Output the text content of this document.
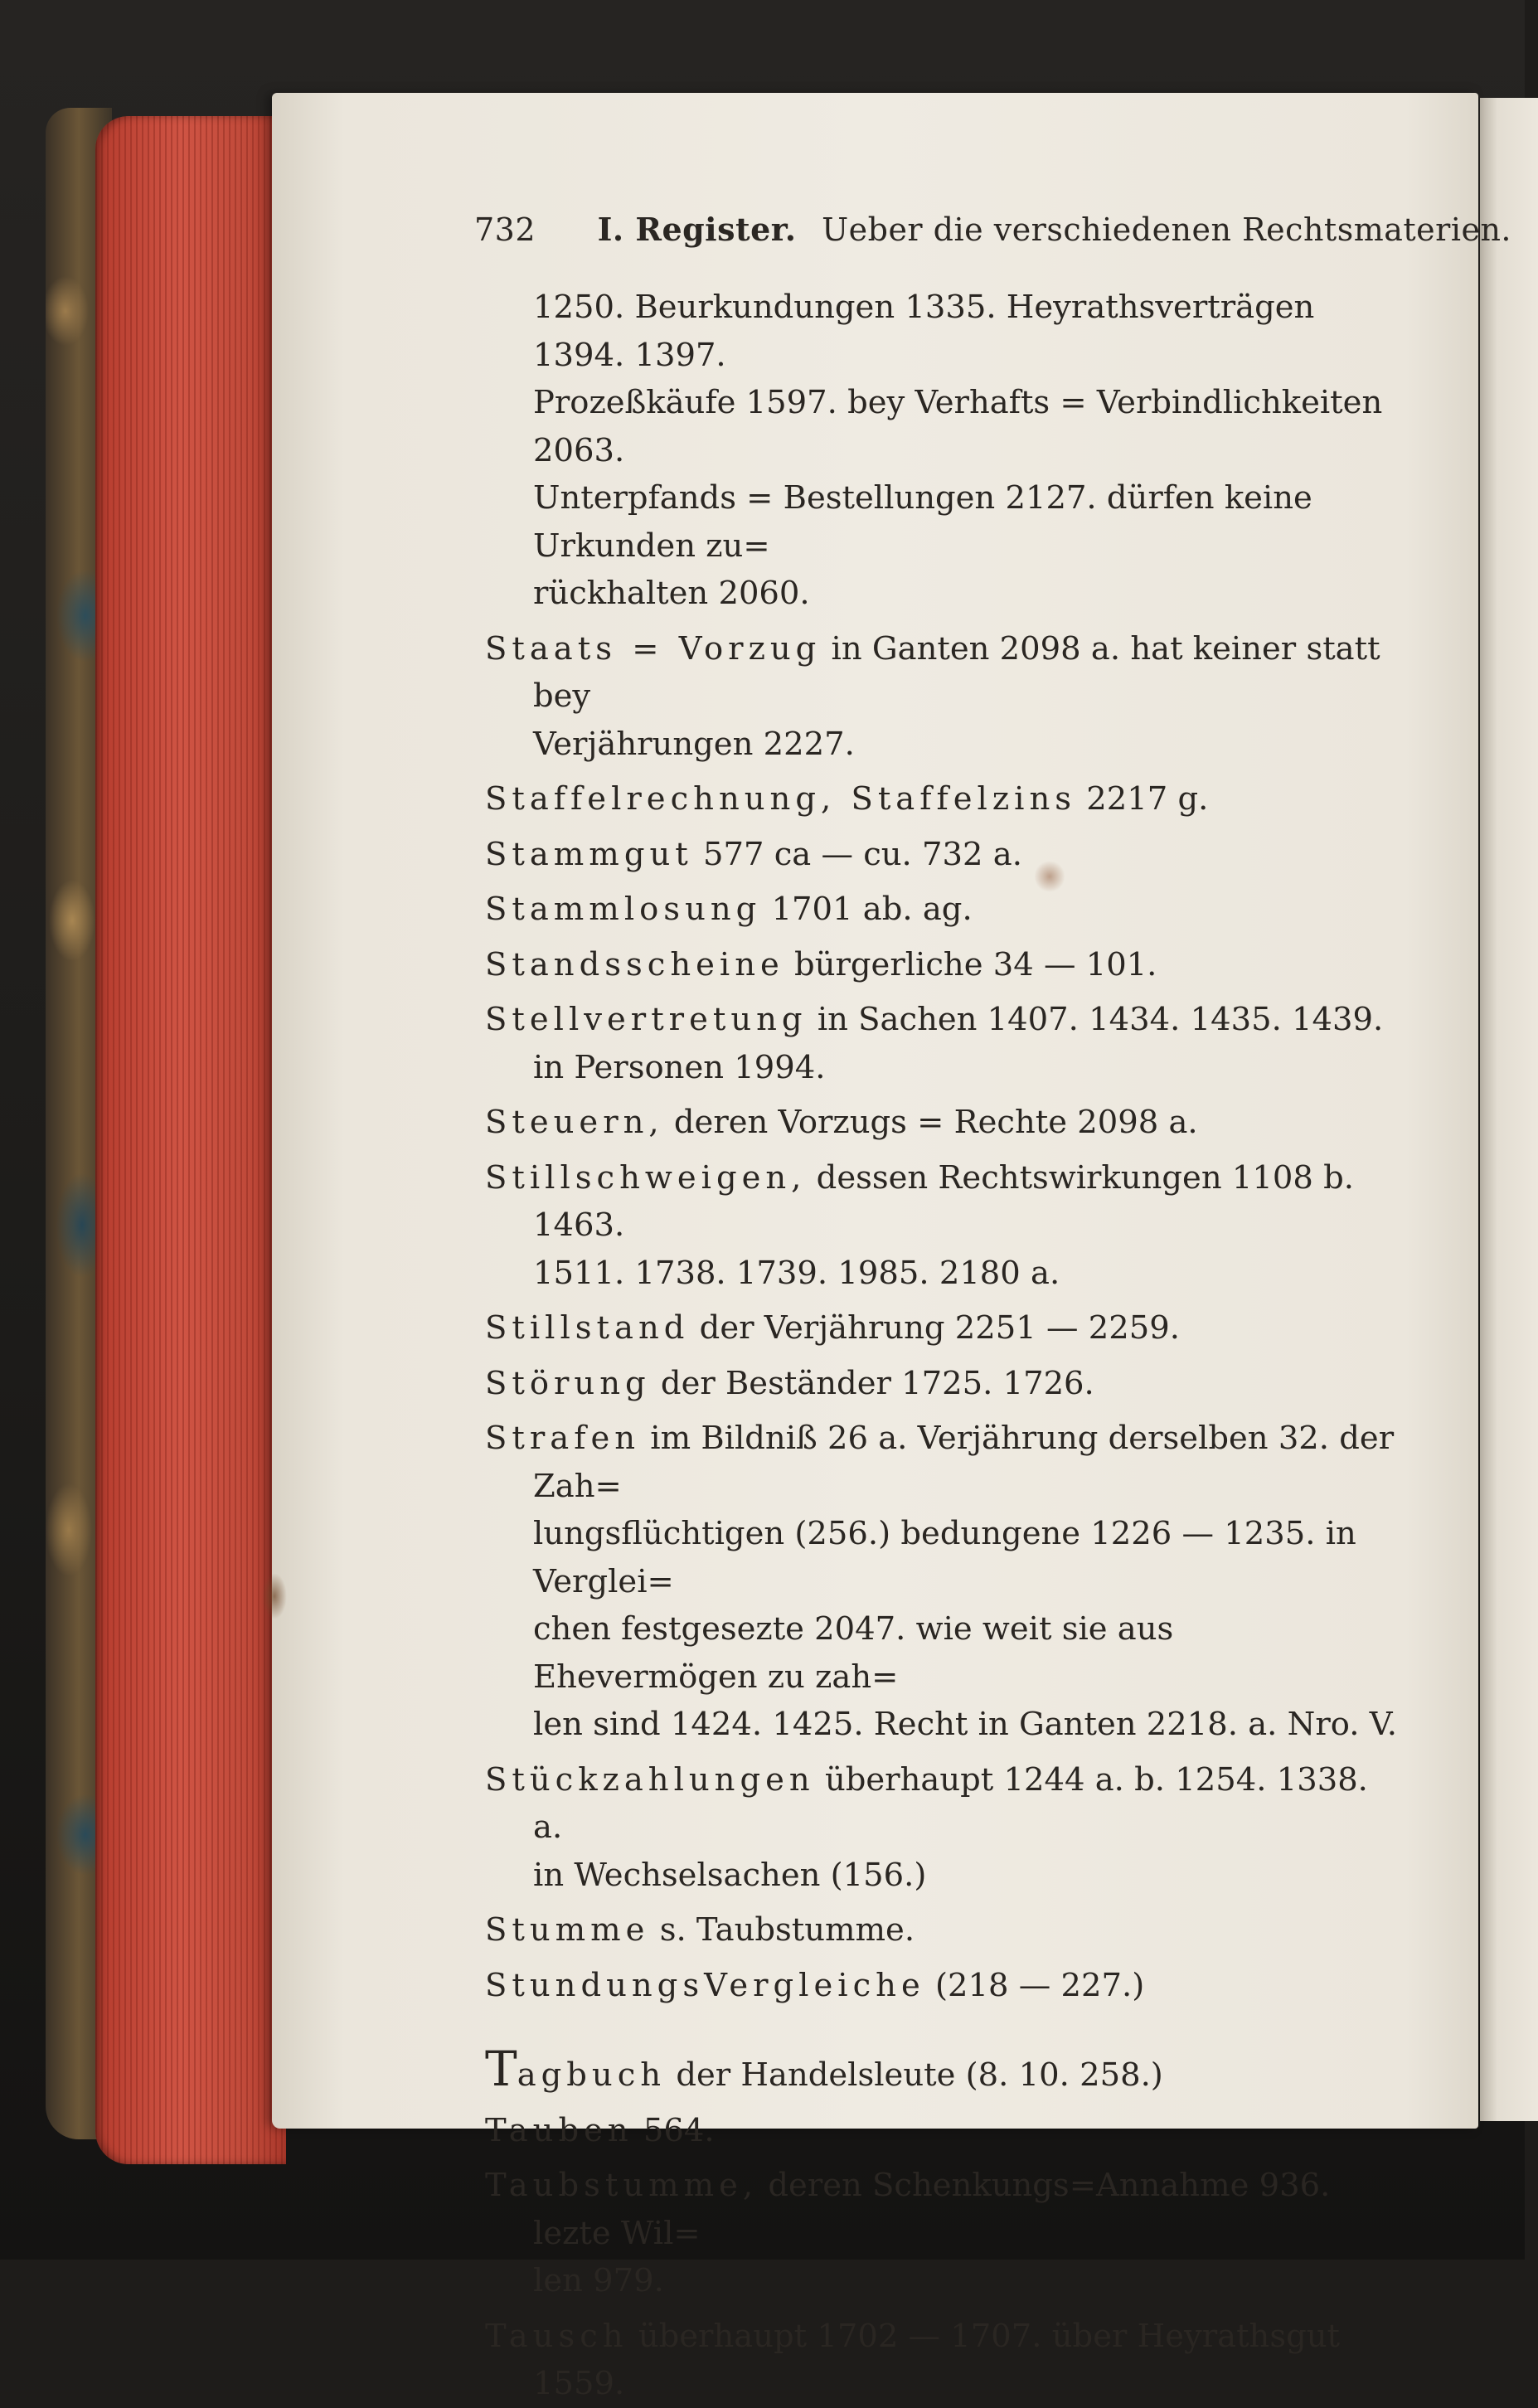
732 I. Register. Ueber die verschiedenen Rechtsmaterien.
1250. Beurkundungen 1335. Heyrathsverträgen 1394. 1397.
Prozeßkäufe 1597. bey Verhafts = Verbindlichkeiten 2063.
Unterpfands = Bestellungen 2127. dürfen keine Urkunden zu=
rückhalten 2060.
Staats = Vorzug in Ganten 2098 a. hat keiner statt bey
Verjährungen 2227.
Staffelrechnung, Staffelzins 2217 g.
Stammgut 577 ca — cu. 732 a.
Stammlosung 1701 ab. ag.
Standsscheine bürgerliche 34 — 101.
Stellvertretung in Sachen 1407. 1434. 1435. 1439.
in Personen 1994.
Steuern, deren Vorzugs = Rechte 2098 a.
Stillschweigen, dessen Rechtswirkungen 1108 b. 1463.
1511. 1738. 1739. 1985. 2180 a.
Stillstand der Verjährung 2251 — 2259.
Störung der Beständer 1725. 1726.
Strafen im Bildniß 26 a. Verjährung derselben 32. der Zah=
lungsflüchtigen (256.) bedungene 1226 — 1235. in Verglei=
chen festgesezte 2047. wie weit sie aus Ehevermögen zu zah=
len sind 1424. 1425. Recht in Ganten 2218. a. Nro. V.
Stückzahlungen überhaupt 1244 a. b. 1254. 1338. a.
in Wechselsachen (156.)
Stumme s. Taubstumme.
StundungsVergleiche (218 — 227.)
Tagbuch der Handelsleute (8. 10. 258.)
Tauben 564.
Taubstumme, deren Schenkungs=Annahme 936. lezte Wil=
len 979.
Tausch überhaupt 1702 — 1707. über Heyrathsgut 1559.
